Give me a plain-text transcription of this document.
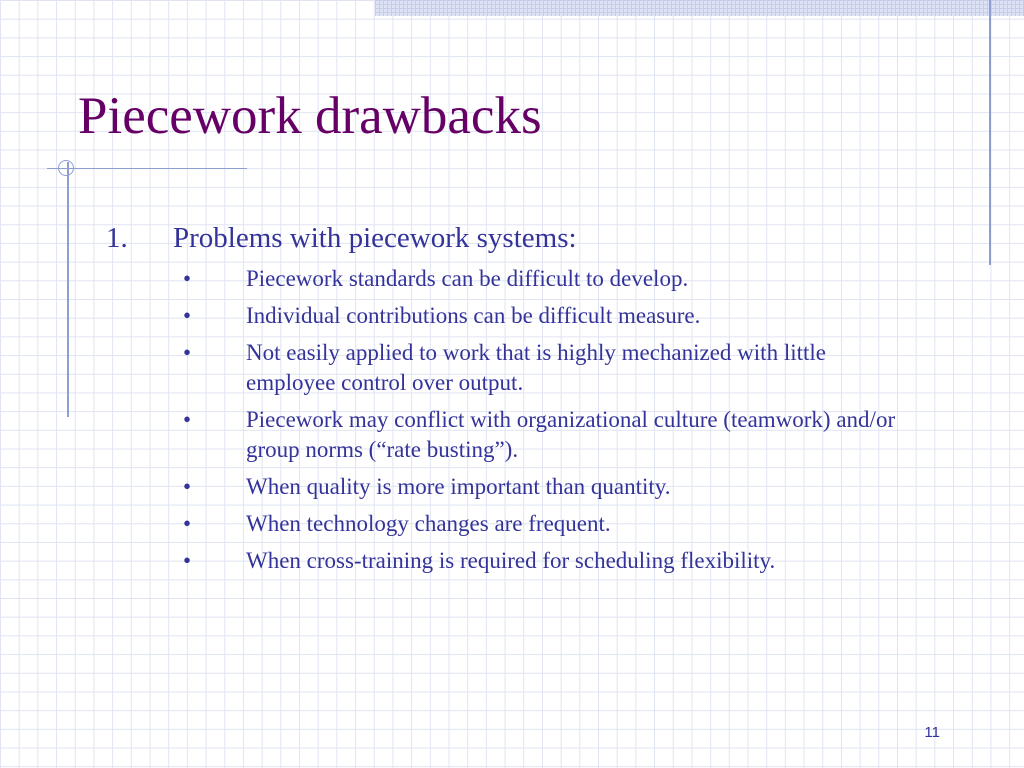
Piecework drawbacks
1. Problems with piecework systems:
• Piecework standards can be difficult to develop.
• Individual contributions can be difficult measure.
• Not easily applied to work that is highly mechanized with little employee control over output.
• Piecework may conflict with organizational culture (teamwork) and/or group norms (“rate busting”).
• When quality is more important than quantity.
• When technology changes are frequent.
• When cross-training is required for scheduling flexibility.
11
